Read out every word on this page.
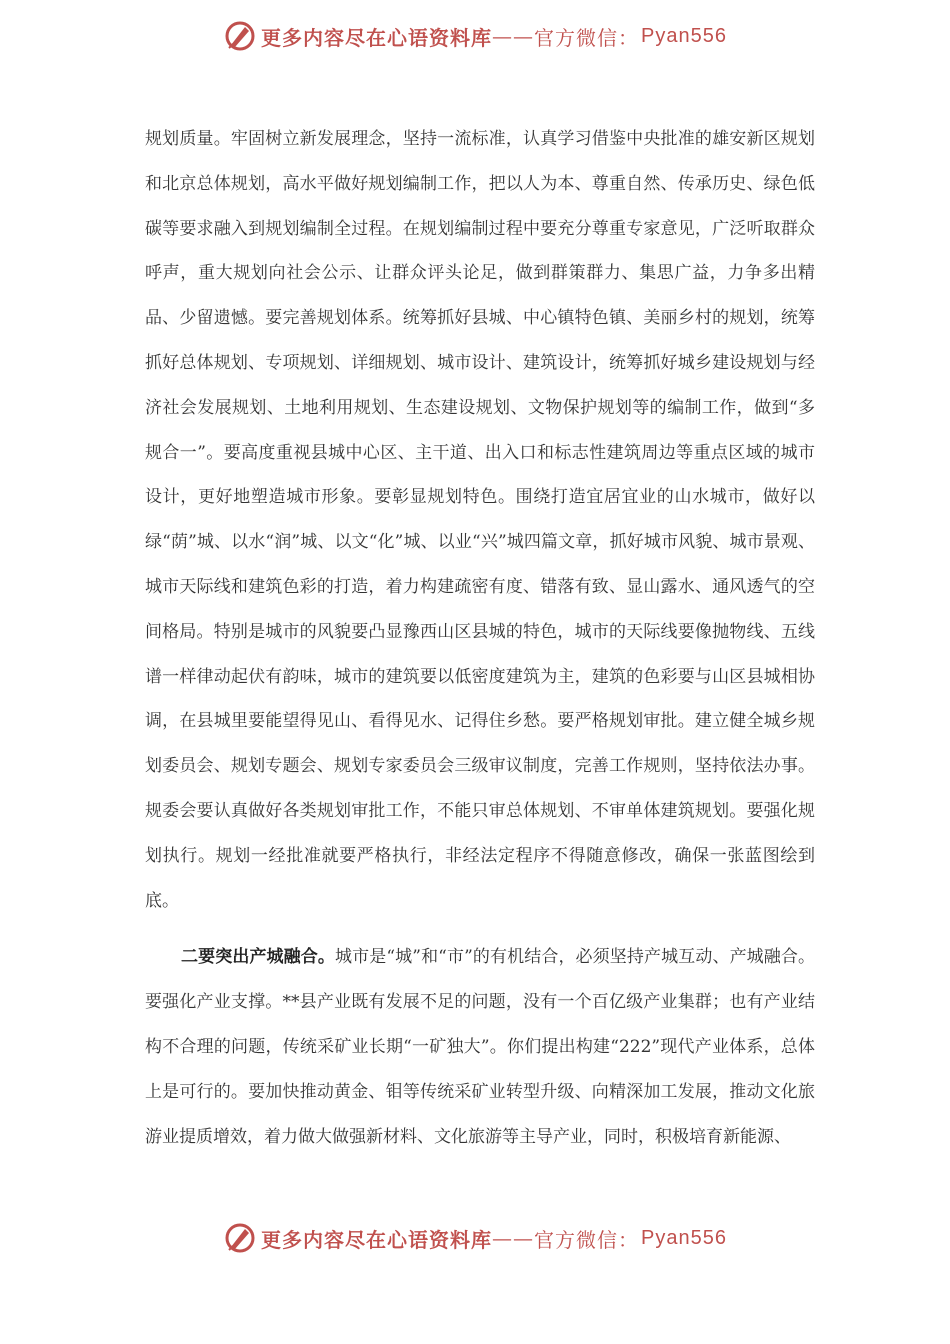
更多内容尽在心语资料库 —— 官方微信： Pyan556

规划质量。牢固树立新发展理念，坚持一流标准，认真学习借鉴中央批准的雄安新区规划和北京总体规划，高水平做好规划编制工作，把以人为本、尊重自然、传承历史、绿色低碳等要求融入到规划编制全过程。在规划编制过程中要充分尊重专家意见，广泛听取群众呼声，重大规划向社会公示、让群众评头论足，做到群策群力、集思广益，力争多出精品、少留遗憾。要完善规划体系。统筹抓好县城、中心镇特色镇、美丽乡村的规划，统筹抓好总体规划、专项规划、详细规划、城市设计、建筑设计，统筹抓好城乡建设规划与经济社会发展规划、土地利用规划、生态建设规划、文物保护规划等的编制工作，做到“多规合一”。要高度重视县城中心区、主干道、出入口和标志性建筑周边等重点区域的城市设计，更好地塑造城市形象。要彰显规划特色。围绕打造宜居宜业的山水城市，做好以绿“荫”城、以水“润”城、以文“化”城、以业“兴”城四篇文章，抓好城市风貌、城市景观、城市天际线和建筑色彩的打造，着力构建疏密有度、错落有致、显山露水、通风透气的空间格局。特别是城市的风貌要凸显豫西山区县城的特色，城市的天际线要像抛物线、五线谱一样律动起伏有韵味，城市的建筑要以低密度建筑为主，建筑的色彩要与山区县城相协调，在县城里要能望得见山、看得见水、记得住乡愁。要严格规划审批。建立健全城乡规划委员会、规划专题会、规划专家委员会三级审议制度，完善工作规则，坚持依法办事。规委会要认真做好各类规划审批工作，不能只审总体规划、不审单体建筑规划。要强化规划执行。规划一经批准就要严格执行，非经法定程序不得随意修改，确保一张蓝图绘到底。

二要突出产城融合。城市是“城”和“市”的有机结合，必须坚持产城互动、产城融合。要强化产业支撑。**县产业既有发展不足的问题，没有一个百亿级产业集群；也有产业结构不合理的问题，传统采矿业长期“一矿独大”。你们提出构建“222”现代产业体系，总体上是可行的。要加快推动黄金、钼等传统采矿业转型升级、向精深加工发展，推动文化旅游业提质增效，着力做大做强新材料、文化旅游等主导产业，同时，积极培育新能源、

更多内容尽在心语资料库 —— 官方微信： Pyan556
